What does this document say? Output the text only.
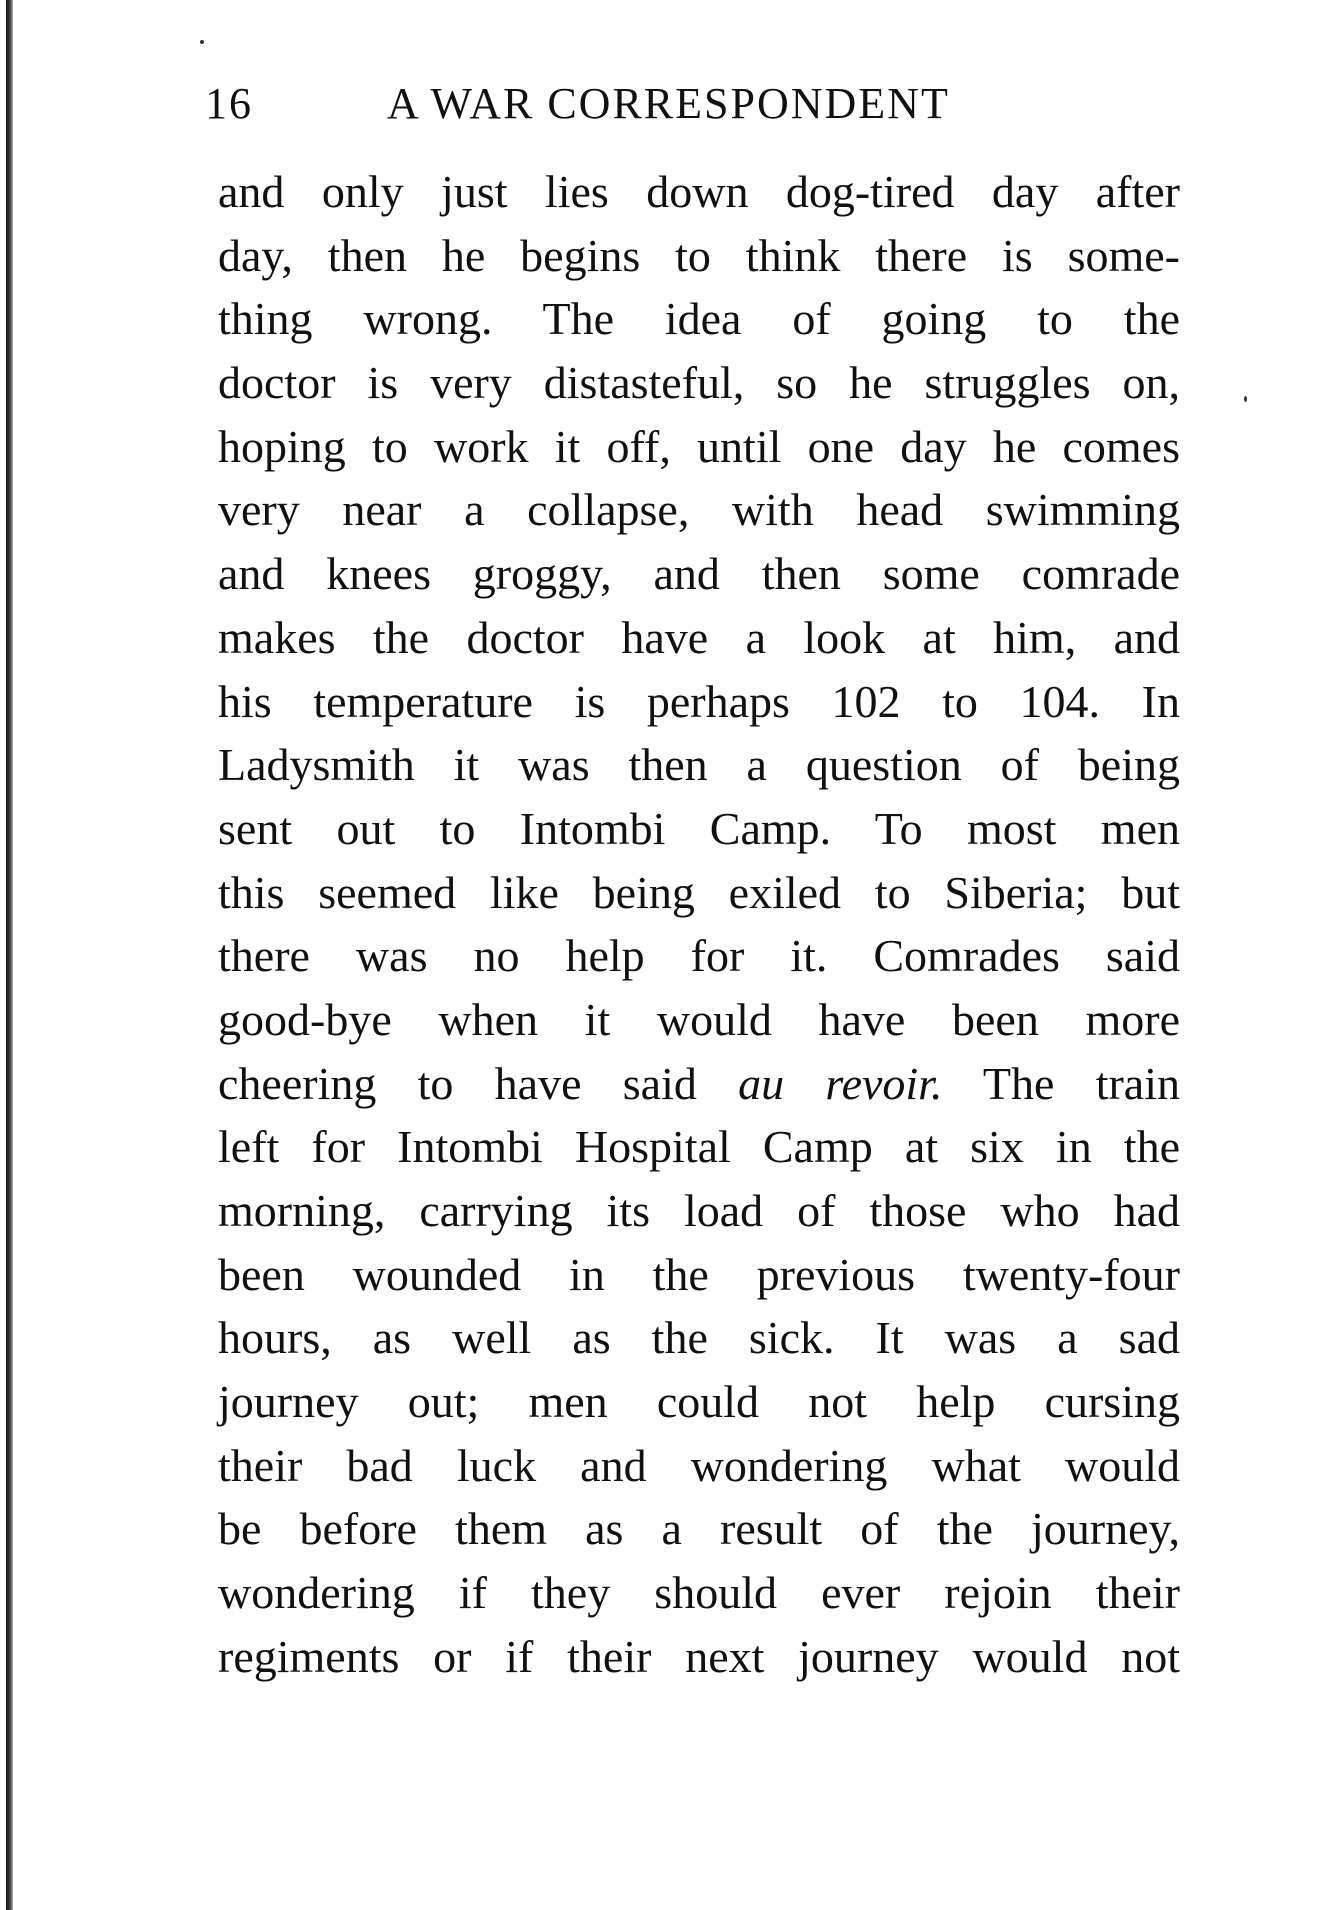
16	A WAR CORRESPONDENT
and only just lies down dog-tired day after
day, then he begins to think there is some-
thing wrong. The idea of going to the
doctor is very distasteful, so he struggles on,
hoping to work it off, until one day he comes
very near a collapse, with head swimming
and knees groggy, and then some comrade
makes the doctor have a look at him, and
his temperature is perhaps 102 to 104. In
Ladysmith it was then a question of being
sent out to Intombi Camp. To most men
this seemed like being exiled to Siberia; but
there was no help for it. Comrades said
good-bye when it would have been more
cheering to have said au revoir. The train
left for Intombi Hospital Camp at six in the
morning, carrying its load of those who had
been wounded in the previous twenty-four
hours, as well as the sick. It was a sad
journey out; men could not help cursing
their bad luck and wondering what would
be before them as a result of the journey,
wondering if they should ever rejoin their
regiments or if their next journey would not
